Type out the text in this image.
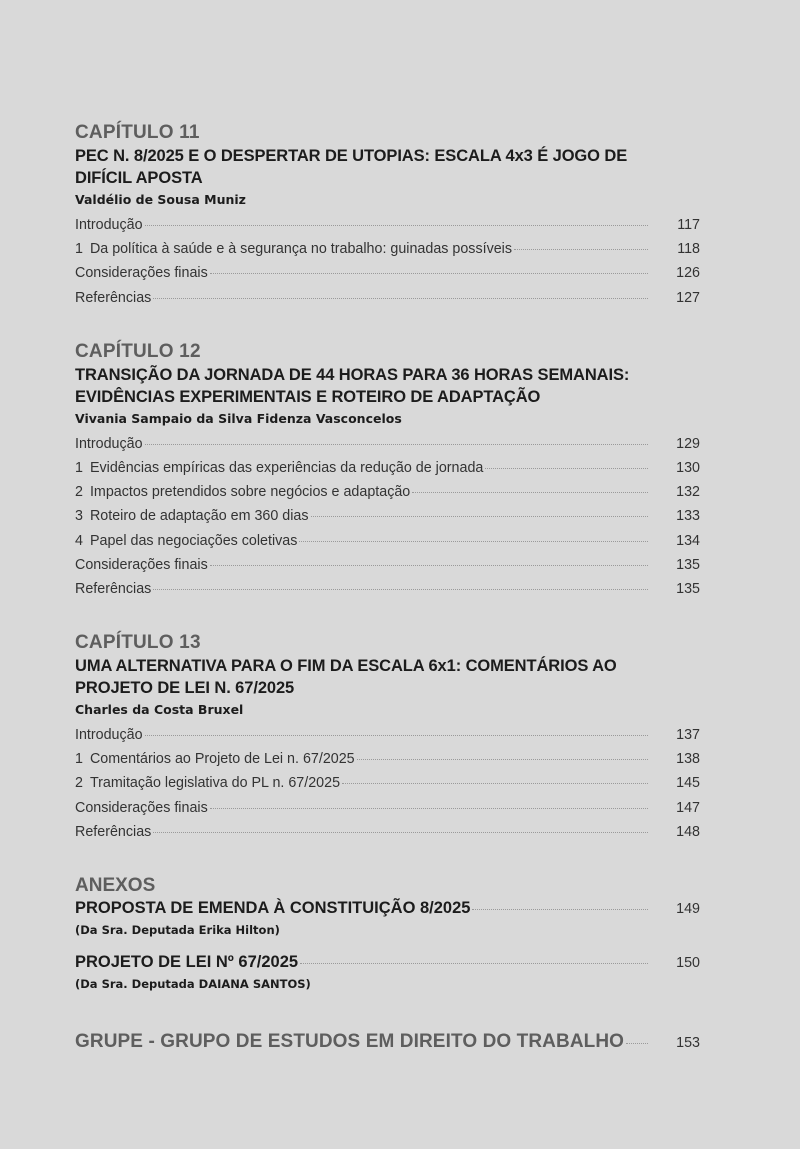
CAPÍTULO 11
PEC N. 8/2025 E O DESPERTAR DE UTOPIAS: ESCALA 4x3 É JOGO DE DIFÍCIL APOSTA
Valdélio de Sousa Muniz
Introdução	117
1 Da política à saúde e à segurança no trabalho: guinadas possíveis	118
Considerações finais	126
Referências	127
CAPÍTULO 12
TRANSIÇÃO DA JORNADA DE 44 HORAS PARA 36 HORAS SEMANAIS: EVIDÊNCIAS EXPERIMENTAIS E ROTEIRO DE ADAPTAÇÃO
Vivania Sampaio da Silva Fidenza Vasconcelos
Introdução	129
1 Evidências empíricas das experiências da redução de jornada	130
2 Impactos pretendidos sobre negócios e adaptação	132
3 Roteiro de adaptação em 360 dias	133
4 Papel das negociações coletivas	134
Considerações finais	135
Referências	135
CAPÍTULO 13
UMA ALTERNATIVA PARA O FIM DA ESCALA 6x1: COMENTÁRIOS AO PROJETO DE LEI N. 67/2025
Charles da Costa Bruxel
Introdução	137
1 Comentários ao Projeto de Lei n. 67/2025	138
2 Tramitação legislativa do PL n. 67/2025	145
Considerações finais	147
Referências	148
ANEXOS
PROPOSTA DE EMENDA À CONSTITUIÇÃO 8/2025	149
(Da Sra. Deputada Erika Hilton)
PROJETO DE LEI Nº 67/2025	150
(Da Sra. Deputada DAIANA SANTOS)
GRUPE - GRUPO DE ESTUDOS EM DIREITO DO TRABALHO	153
